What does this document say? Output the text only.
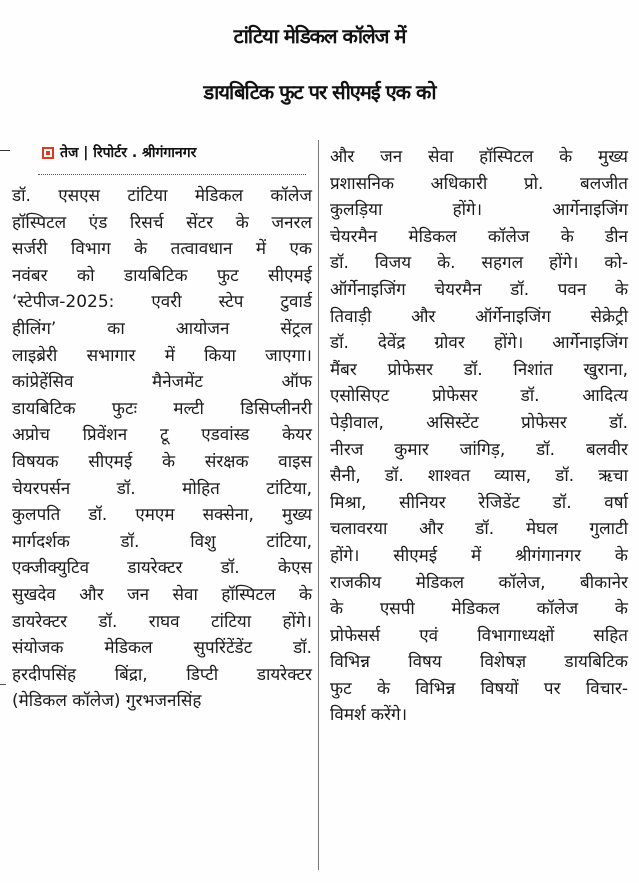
टांटिया मेडिकल कॉलेज में
डायबिटिक फुट पर सीएमई एक को
तेज | रिपोर्टर . श्रीगंगानगर
डॉ. एसएस टांटिया मेडिकल कॉलेज
हॉस्पिटल एंड रिसर्च सेंटर के जनरल
सर्जरी विभाग के तत्वावधान में एक
नवंबर को डायबिटिक फुट सीएमई
‘स्टेपीज-2025: एवरी स्टेप टुवार्ड
हीलिंग’ का आयोजन सेंट्रल
लाइब्रेरी सभागार में किया जाएगा।
कांप्रेहेंसिव मैनेजमेंट ऑफ
डायबिटिक फुटः मल्टी डिसिप्लीनरी
अप्रोच प्रिवेंशन टू एडवांस्ड केयर
विषयक सीएमई के संरक्षक वाइस
चेयरपर्सन डॉ. मोहित टांटिया,
कुलपति डॉ. एमएम सक्सेना, मुख्य
मार्गदर्शक डॉ. विशु टांटिया,
एक्जीक्युटिव डायरेक्टर डॉ. केएस
सुखदेव और जन सेवा हॉस्पिटल के
डायरेक्टर डॉ. राघव टांटिया होंगे।
संयोजक मेडिकल सुपरिंटेंडेंट डॉ.
हरदीपसिंह बिंद्रा, डिप्टी डायरेक्टर
(मेडिकल कॉलेज) गुरभजनसिंह
और जन सेवा हॉस्पिटल के मुख्य
प्रशासनिक अधिकारी प्रो. बलजीत
कुलड़िया होंगे। आर्गेनाइजिंग
चेयरमैन मेडिकल कॉलेज के डीन
डॉ. विजय के. सहगल होंगे। को-
ऑर्गेनाइजिंग चेयरमैन डॉ. पवन के
तिवाड़ी और ऑर्गेनाइजिंग सेक्रेट्री
डॉ. देवेंद्र ग्रोवर होंगे। आर्गेनाइजिंग
मैंबर प्रोफेसर डॉ. निशांत खुराना,
एसोसिएट प्रोफेसर डॉ. आदित्य
पेड़ीवाल, असिस्टेंट प्रोफेसर डॉ.
नीरज कुमार जांगिड़, डॉ. बलवीर
सैनी, डॉ. शाश्वत व्यास, डॉ. ऋचा
मिश्रा, सीनियर रेजिडेंट डॉ. वर्षा
चलावरया और डॉ. मेघल गुलाटी
होंगे। सीएमई में श्रीगंगानगर के
राजकीय मेडिकल कॉलेज, बीकानेर
के एसपी मेडिकल कॉलेज के
प्रोफेसर्स एवं विभागाध्यक्षों सहित
विभिन्न विषय विशेषज्ञ डायबिटिक
फुट के विभिन्न विषयों पर विचार-
विमर्श करेंगे।
